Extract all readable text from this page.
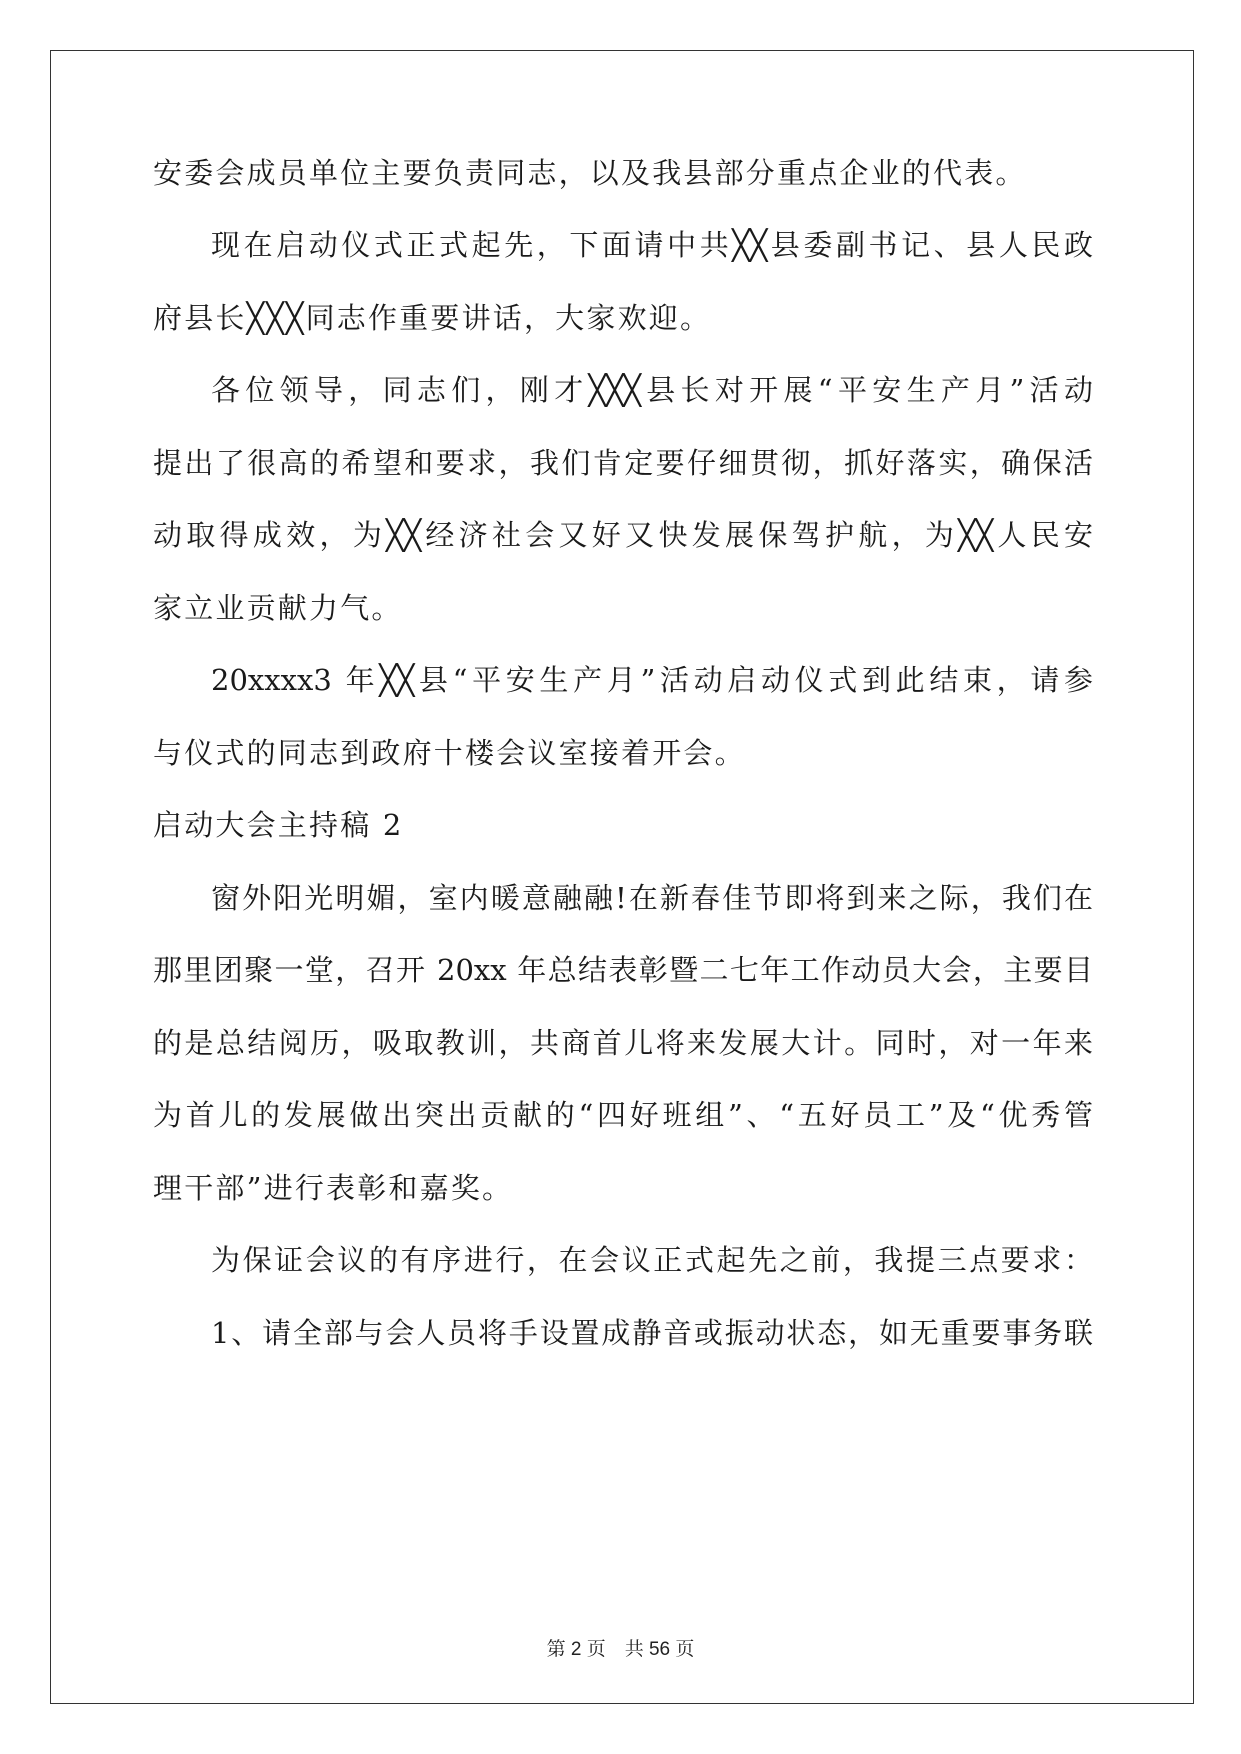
安委会成员单位主要负责同志，以及我县部分重点企业的代表。
现在启动仪式正式起先，下面请中共╳╳县委副书记、县人民政
府县长╳╳╳同志作重要讲话，大家欢迎。
各位领导，同志们，刚才╳╳╳县长对开展“平安生产月”活动
提出了很高的希望和要求，我们肯定要仔细贯彻，抓好落实，确保活
动取得成效，为╳╳经济社会又好又快发展保驾护航，为╳╳人民安
家立业贡献力气。
20xxxx3 年╳╳县“平安生产月”活动启动仪式到此结束，请参
与仪式的同志到政府十楼会议室接着开会。
启动大会主持稿 2
窗外阳光明媚，室内暖意融融!在新春佳节即将到来之际，我们在
那里团聚一堂，召开 20xx 年总结表彰暨二七年工作动员大会，主要目
的是总结阅历，吸取教训，共商首儿将来发展大计。同时，对一年来
为首儿的发展做出突出贡献的“四好班组”、“五好员工”及“优秀管
理干部”进行表彰和嘉奖。
为保证会议的有序进行，在会议正式起先之前，我提三点要求：
1、请全部与会人员将手设置成静音或振动状态，如无重要事务联
第 2 页　共 56 页
